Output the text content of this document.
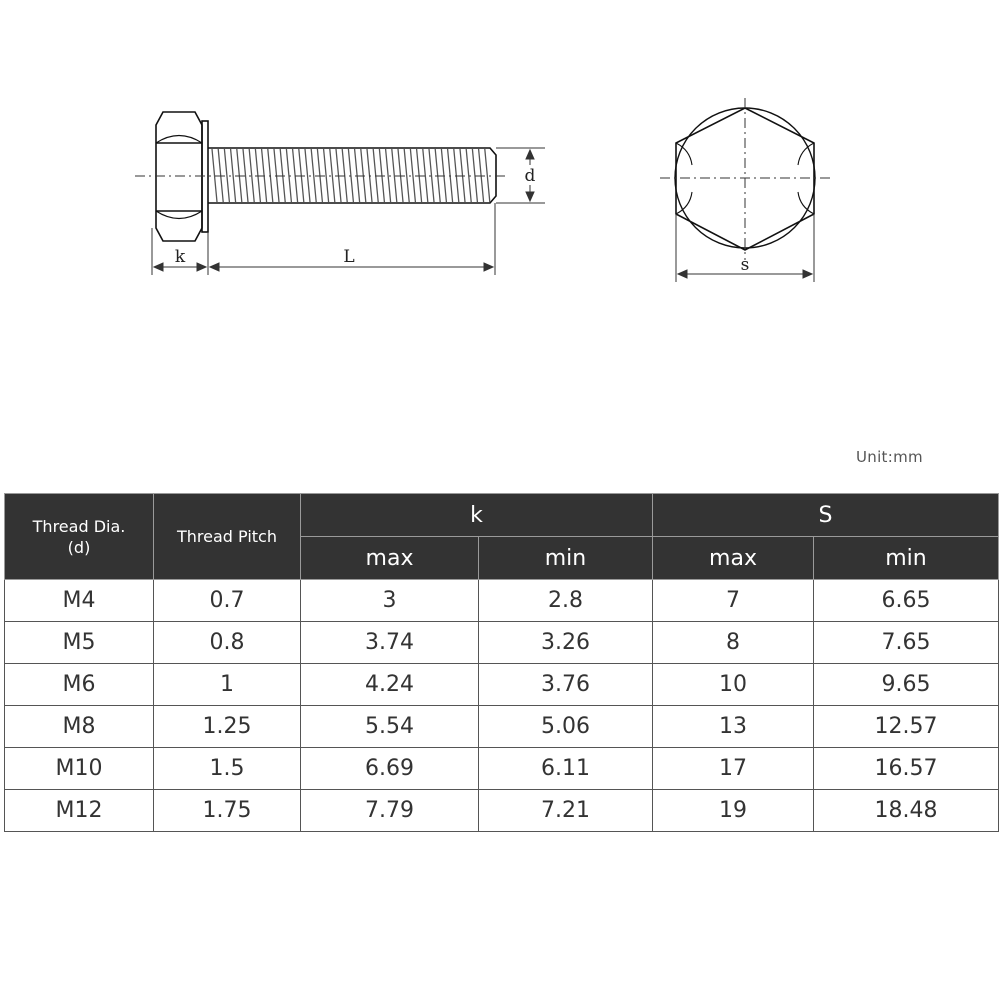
d
k	L	s
Unit:mm
Thread Dia.
(d)	Thread Pitch	k		S	
		max	min	max	min
M4	0.7	3	2.8	7	6.65
M5	0.8	3.74	3.26	8	7.65
M6	1	4.24	3.76	10	9.65
M8	1.25	5.54	5.06	13	12.57
M10	1.5	6.69	6.11	17	16.57
M12	1.75	7.79	7.21	19	18.48
